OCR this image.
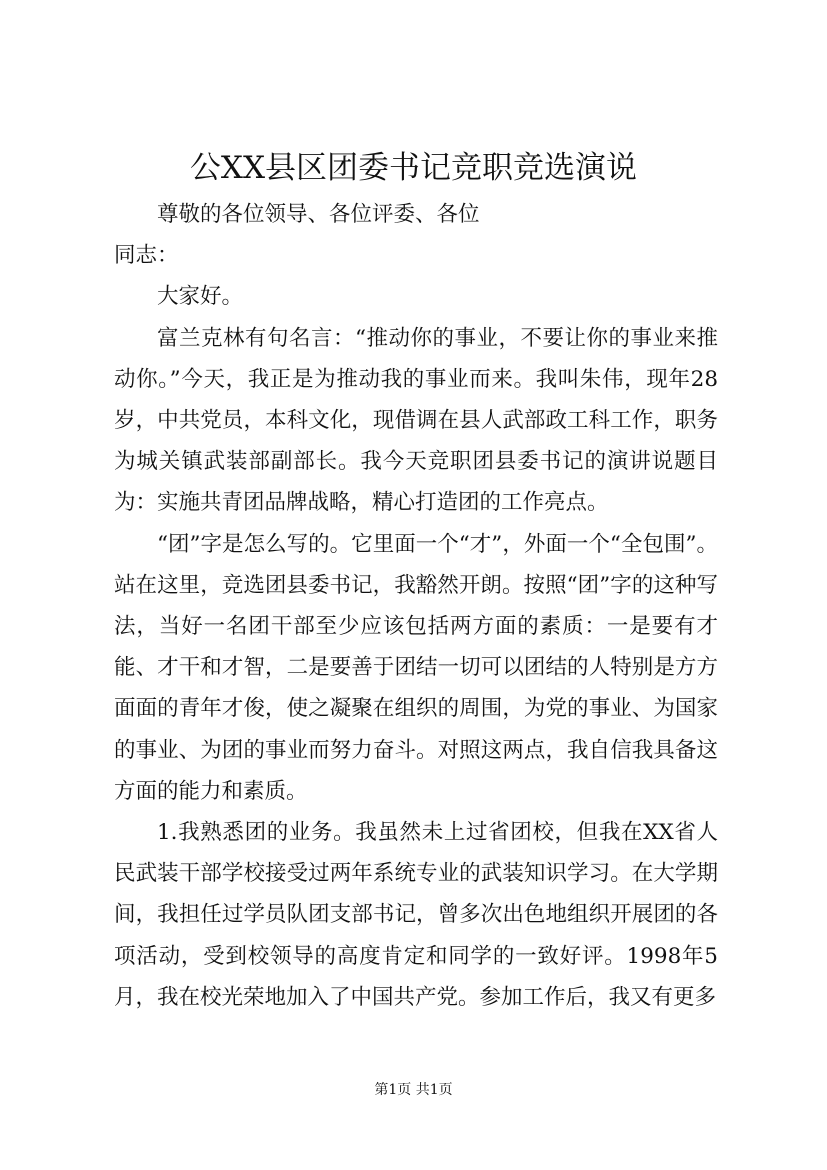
公XX县区团委书记竞职竞选演说

尊敬的各位领导、各位评委、各位

同志：

大家好。

富兰克林有句名言：“推动你的事业，不要让你的事业来推动你。”今天，我正是为推动我的事业而来。我叫朱伟，现年28岁，中共党员，本科文化，现借调在县人武部政工科工作，职务为城关镇武装部副部长。我今天竞职团县委书记的演讲说题目为：实施共青团品牌战略，精心打造团的工作亮点。

“团”字是怎么写的。它里面一个“才”，外面一个“全包围”。站在这里，竞选团县委书记，我豁然开朗。按照“团”字的这种写法，当好一名团干部至少应该包括两方面的素质：一是要有才能、才干和才智，二是要善于团结一切可以团结的人特别是方方面面的青年才俊，使之凝聚在组织的周围，为党的事业、为国家的事业、为团的事业而努力奋斗。对照这两点，我自信我具备这方面的能力和素质。

1.我熟悉团的业务。我虽然未上过省团校，但我在XX省人民武装干部学校接受过两年系统专业的武装知识学习。在大学期间，我担任过学员队团支部书记，曾多次出色地组织开展团的各项活动，受到校领导的高度肯定和同学的一致好评。1998年5月，我在校光荣地加入了中国共产党。参加工作后，我又有更多

第1页 共1页
